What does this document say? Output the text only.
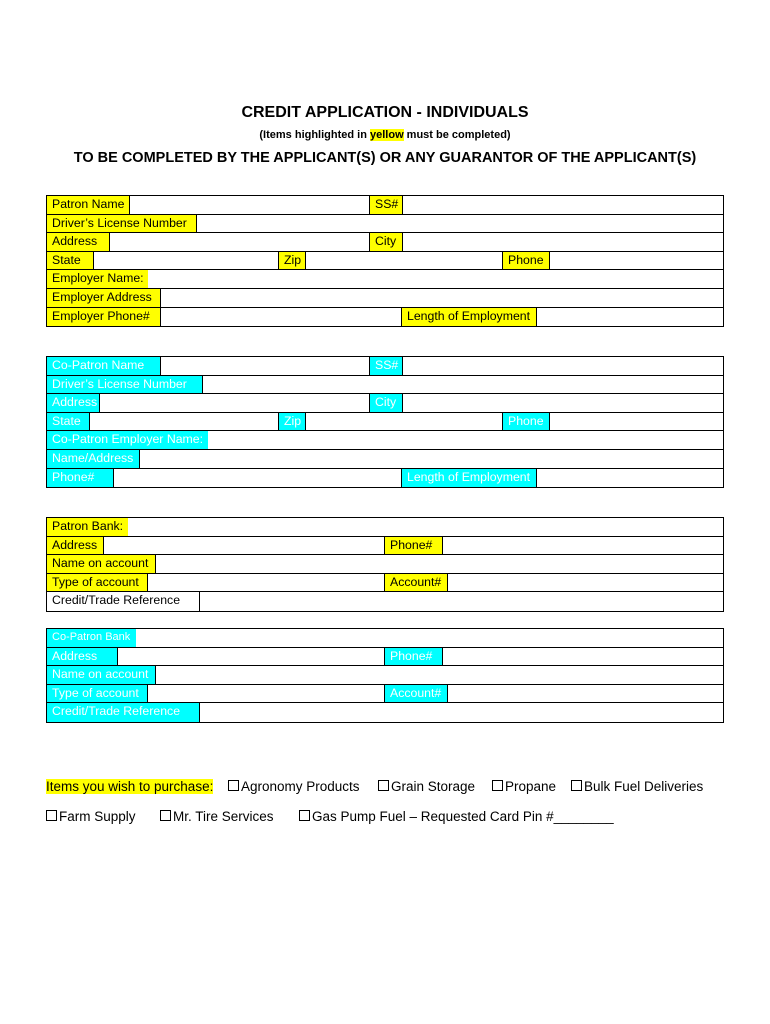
CREDIT APPLICATION - INDIVIDUALS
(Items highlighted in yellow must be completed)
TO BE COMPLETED BY THE APPLICANT(S) OR ANY GUARANTOR OF THE APPLICANT(S)
Patron Name	SS#
Driver’s License Number
Address	City
State	Zip	Phone
Employer Name:
Employer Address
Employer Phone#	Length of Employment
Co-Patron Name	SS#
Driver’s License Number
Address	City
State	Zip	Phone
Co-Patron Employer Name:
Name/Address
Phone#	Length of Employment
Patron Bank:
Address	Phone#
Name on account
Type of account	Account#
Credit/Trade Reference
Co-Patron Bank
Address	Phone#
Name on account
Type of account	Account#
Credit/Trade Reference
Items you wish to purchase:	Agronomy Products	Grain Storage	Propane	Bulk Fuel Deliveries
Farm Supply	Mr. Tire Services	Gas Pump Fuel – Requested Card Pin #________
